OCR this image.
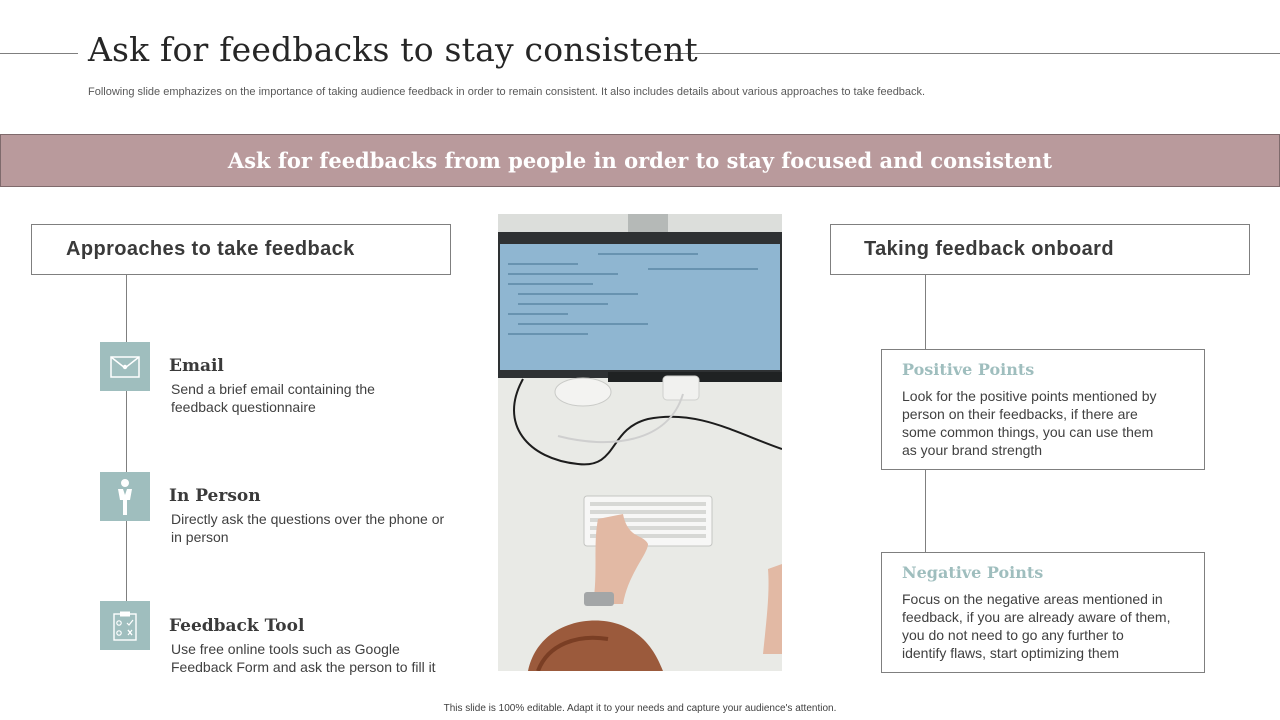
Ask for feedbacks to stay consistent
Following slide emphazizes on the importance of taking audience feedback in order to remain consistent. It also includes details about various approaches to take feedback.
Ask for feedbacks from people in order to stay focused and consistent
Approaches to take feedback
Email
Send a brief email containing the feedback questionnaire
In Person
Directly ask the questions over the phone or in person
Feedback Tool
Use free online tools such as Google Feedback Form and ask the person to fill it
Taking feedback onboard
Positive Points
Look for the positive points mentioned by person on their feedbacks, if there are some common things, you can use them as your brand strength
Negative Points
Focus on the negative areas mentioned in feedback, if you are already aware of them, you do not need to go any further to identify flaws, start optimizing them
This slide is 100% editable. Adapt it to your needs and capture your audience's attention.
